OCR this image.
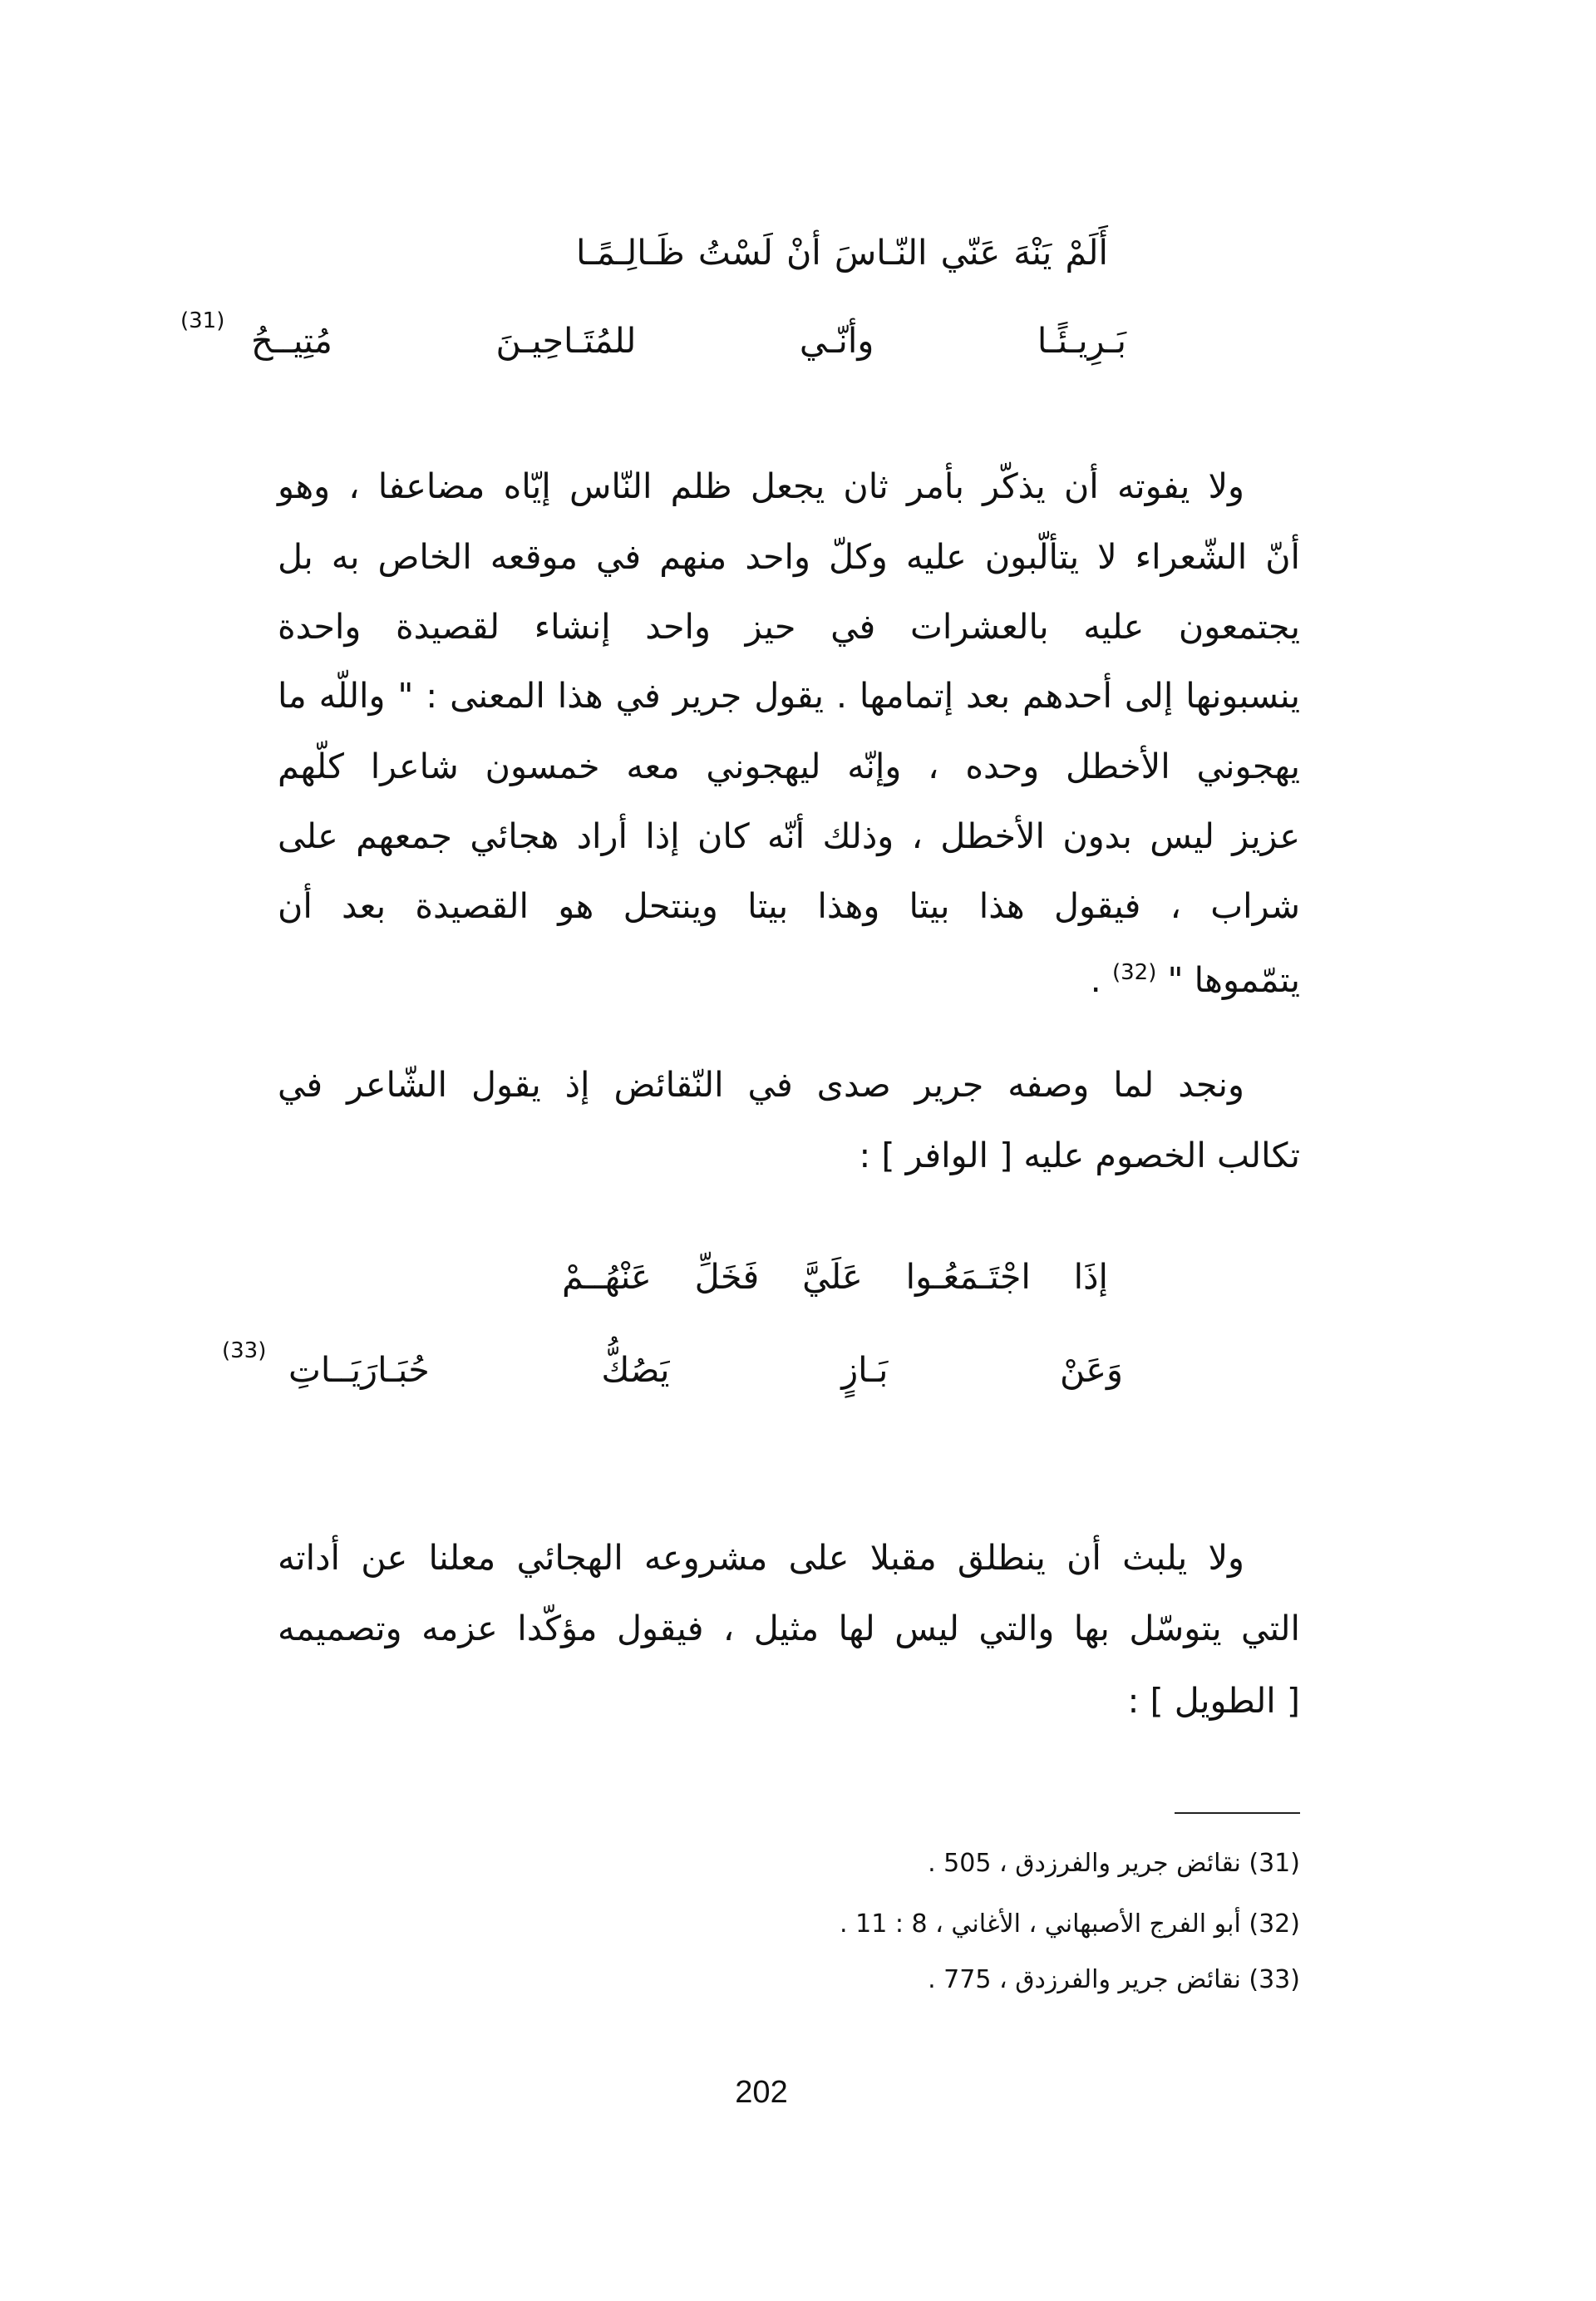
أَلَمْ يَنْهَ عَنّي النّـاسَ أنْ لَسْتُ ظَـالِـمًـا
بَـرِيـئًـا وأنّـي للمُتَـاحِيـنَ مُتِيــحُ
(31)
ولا يفوته أن يذكّر بأمر ثان يجعل ظلم النّاس إيّاه مضاعفا ، وهو
أنّ الشّعراء لا يتألّبون عليه وكلّ واحد منهم في موقعه الخاص به بل
يجتمعون عليه بالعشرات في حيز واحد إنشاء لقصيدة واحدة
ينسبونها إلى أحدهم بعد إتمامها . يقول جرير في هذا المعنى : " واللّه ما
يهجوني الأخطل وحده ، وإنّه ليهجوني معه خمسون شاعرا كلّهم
عزيز ليس بدون الأخطل ، وذلك أنّه كان إذا أراد هجائي جمعهم على
شراب ، فيقول هذا بيتا وهذا بيتا وينتحل هو القصيدة بعد أن
يتمّموها " $^{(32)}$ .
ونجد لما وصفه جرير صدى في النّقائض إذ يقول الشّاعر في
تكالب الخصوم عليه [ الوافر ] :
إذَا اجْتَـمَعُـوا عَلَيَّ فَخَلِّ عَنْهُــمْ
وَعَنْ بَـازٍ يَصُكُّ حُبَـارَيَــاتِ
(33)
ولا يلبث أن ينطلق مقبلا على مشروعه الهجائي معلنا عن أداته
التي يتوسّل بها والتي ليس لها مثيل ، فيقول مؤكّدا عزمه وتصميمه
[ الطويل ] :
(31) نقائض جرير والفرزدق ، 505 .
(32) أبو الفرج الأصبهاني ، الأغاني ، 8 : 11 .
(33) نقائض جرير والفرزدق ، 775 .
202
